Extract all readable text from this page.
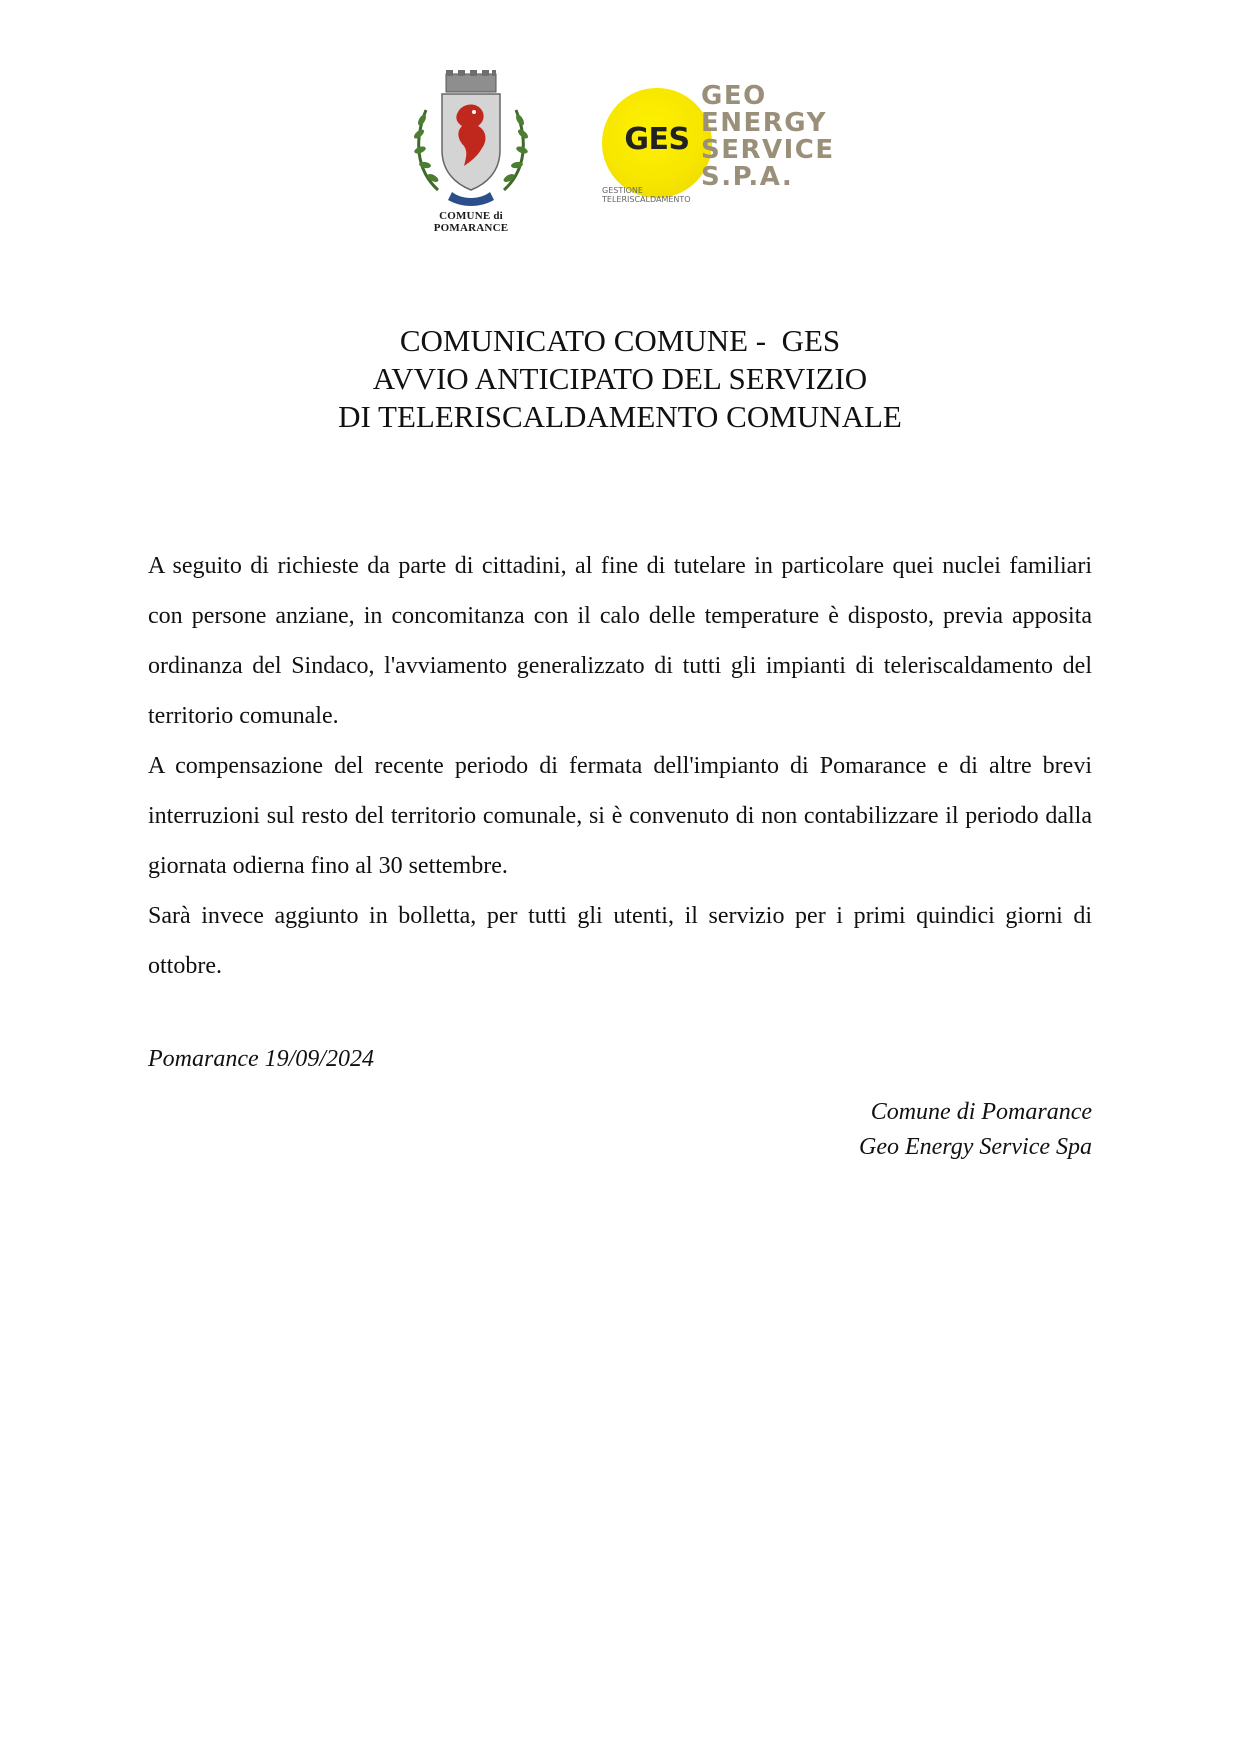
COMUNE di POMARANCE
GES
GEO
ENERGY
SERVICE
S.P.A.
GESTIONE
TELERISCALDAMENTO
COMUNICATO COMUNE -  GES
AVVIO ANTICIPATO DEL SERVIZIO
DI TELERISCALDAMENTO COMUNALE

A seguito di richieste da parte di cittadini, al fine di tutelare in particolare quei nuclei familiari con persone anziane, in concomitanza con il calo delle temperature è disposto, previa apposita ordinanza del Sindaco, l'avviamento generalizzato di tutti gli impianti di teleriscaldamento del territorio comunale.

A compensazione del recente periodo di fermata dell'impianto di Pomarance e di altre brevi interruzioni sul resto del territorio comunale, si è convenuto di non contabilizzare il periodo dalla giornata odierna fino al 30 settembre.

Sarà invece aggiunto in bolletta, per tutti gli utenti, il servizio per i primi quindici giorni di ottobre.

Pomarance 19/09/2024
Comune di Pomarance
Geo Energy Service Spa
